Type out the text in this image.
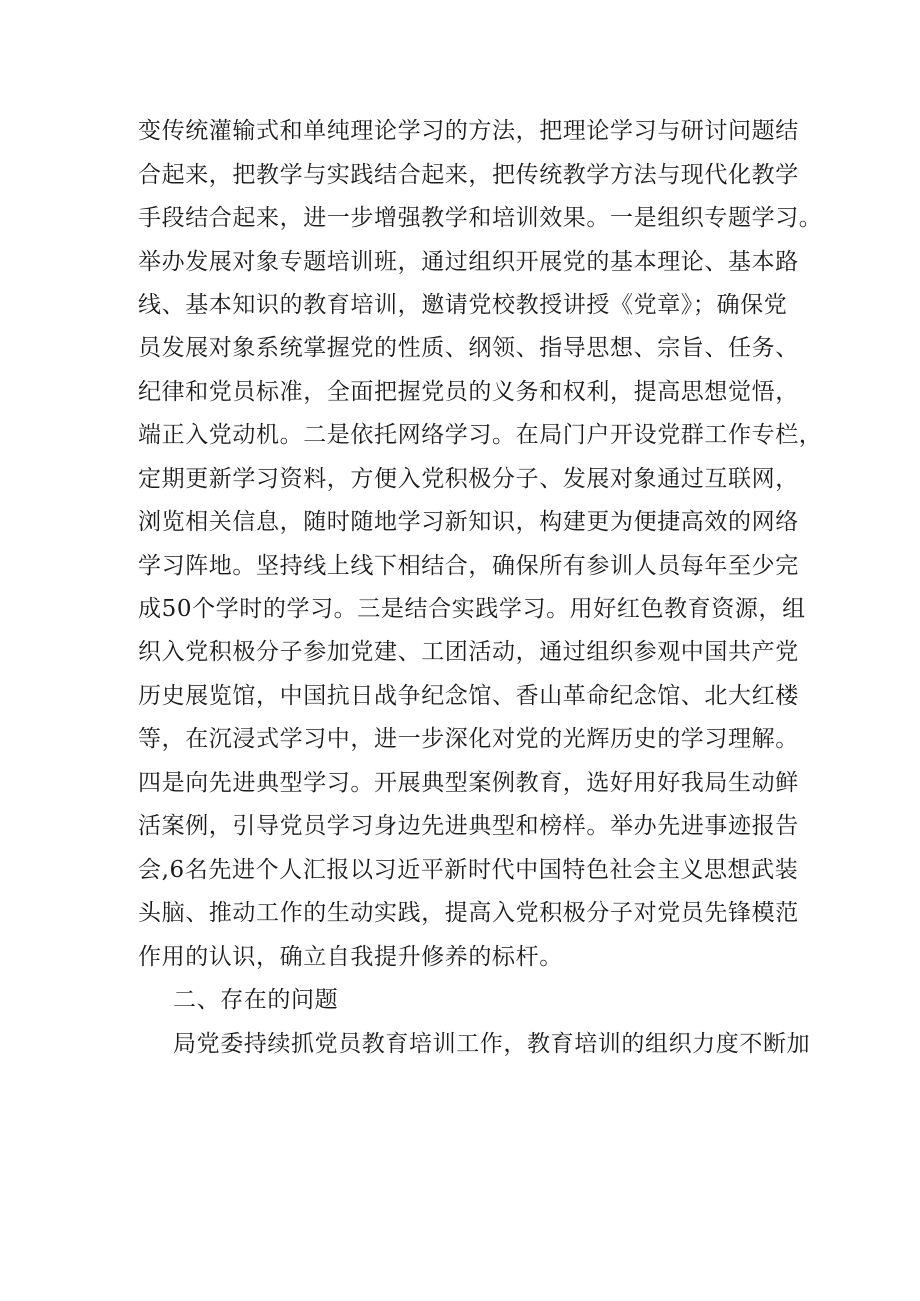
变传统灌输式和单纯理论学习的方法，把理论学习与研讨问题结
合起来，把教学与实践结合起来，把传统教学方法与现代化教学
手段结合起来，进一步增强教学和培训效果。一是组织专题学习。
举办发展对象专题培训班，通过组织开展党的基本理论、基本路
线、基本知识的教育培训，邀请党校教授讲授《党章》；确保党
员发展对象系统掌握党的性质、纲领、指导思想、宗旨、任务、
纪律和党员标准，全面把握党员的义务和权利，提高思想觉悟，
端正入党动机。二是依托网络学习。在局门户开设党群工作专栏，
定期更新学习资料，方便入党积极分子、发展对象通过互联网，
浏览相关信息，随时随地学习新知识，构建更为便捷高效的网络
学习阵地。坚持线上线下相结合，确保所有参训人员每年至少完
成50个学时的学习。三是结合实践学习。用好红色教育资源，组
织入党积极分子参加党建、工团活动，通过组织参观中国共产党
历史展览馆，中国抗日战争纪念馆、香山革命纪念馆、北大红楼
等，在沉浸式学习中，进一步深化对党的光辉历史的学习理解。
四是向先进典型学习。开展典型案例教育，选好用好我局生动鲜
活案例，引导党员学习身边先进典型和榜样。举办先进事迹报告
会,6名先进个人汇报以习近平新时代中国特色社会主义思想武装
头脑、推动工作的生动实践，提高入党积极分子对党员先锋模范
作用的认识，确立自我提升修养的标杆。
二、存在的问题
局党委持续抓党员教育培训工作，教育培训的组织力度不断加
